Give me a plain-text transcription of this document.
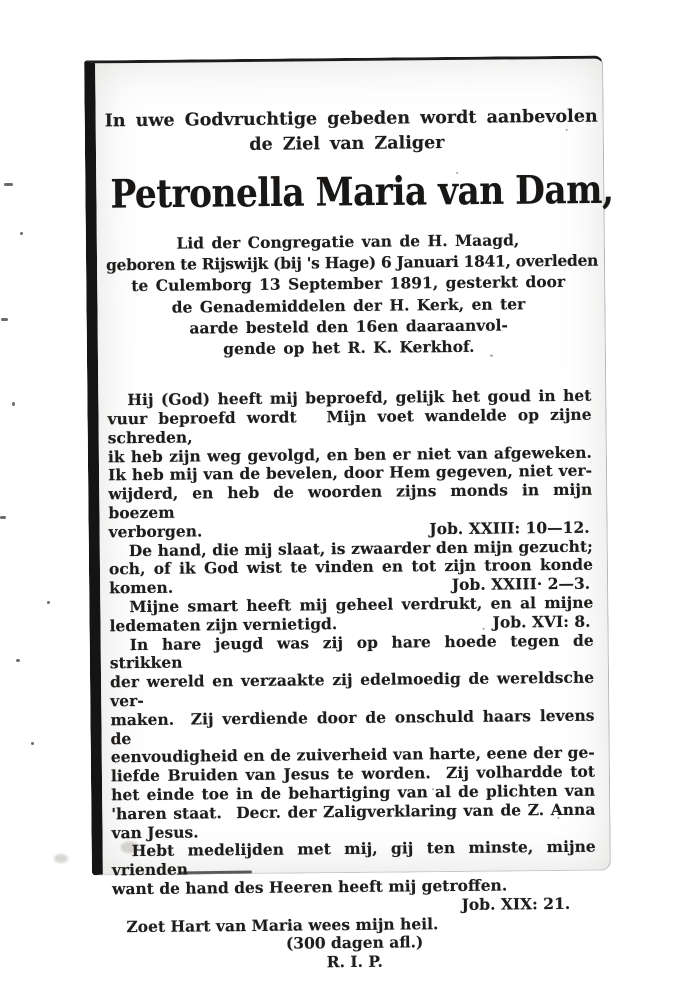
In uwe Godvruchtige gebeden wordt aanbevolen
de Ziel van Zaliger
Petronella Maria van Dam,
Lid der Congregatie van de H. Maagd,
geboren te Rijswijk (bij 's Hage) 6 Januari 1841, overleden
te Culemborg 13 September 1891, gesterkt door
de Genademiddelen der H. Kerk, en ter
aarde besteld den 16en daaraanvol-
gende op het R. K. Kerkhof.
Hij (God) heeft mij beproefd, gelijk het goud in het
vuur beproefd wordt   Mijn voet wandelde op zijne schreden,
ik heb zijn weg gevolgd, en ben er niet van afgeweken.
Ik heb mij van de bevelen, door Hem gegeven, niet ver-
wijderd, en heb de woorden zijns monds in mijn boezem
verborgen.	Job. XXIII: 10—12.
De hand, die mij slaat, is zwaarder den mijn gezucht;
och, of ik God wist te vinden en tot zijn troon konde
komen.	Job. XXIII· 2—3.
Mijne smart heeft mij geheel verdrukt, en al mijne
ledematen zijn vernietigd.	Job. XVI: 8.
In hare jeugd was zij op hare hoede tegen de strikken
der wereld en verzaakte zij edelmoedig de wereldsche ver-
maken.  Zij verdiende door de onschuld haars levens de
eenvoudigheid en de zuiverheid van harte, eene der ge-
liefde Bruiden van Jesus te worden.  Zij volhardde tot
het einde toe in de behartiging van al de plichten van
'haren staat.  Decr. der Zaligverklaring van de Z. Anna
van Jesus.
Hebt medelijden met mij, gij ten minste, mijne vrienden
want de hand des Heeren heeft mij getroffen.
Job. XIX: 21.
Zoet Hart van Maria wees mijn heil.
(300 dagen afl.)
R. I. P.
